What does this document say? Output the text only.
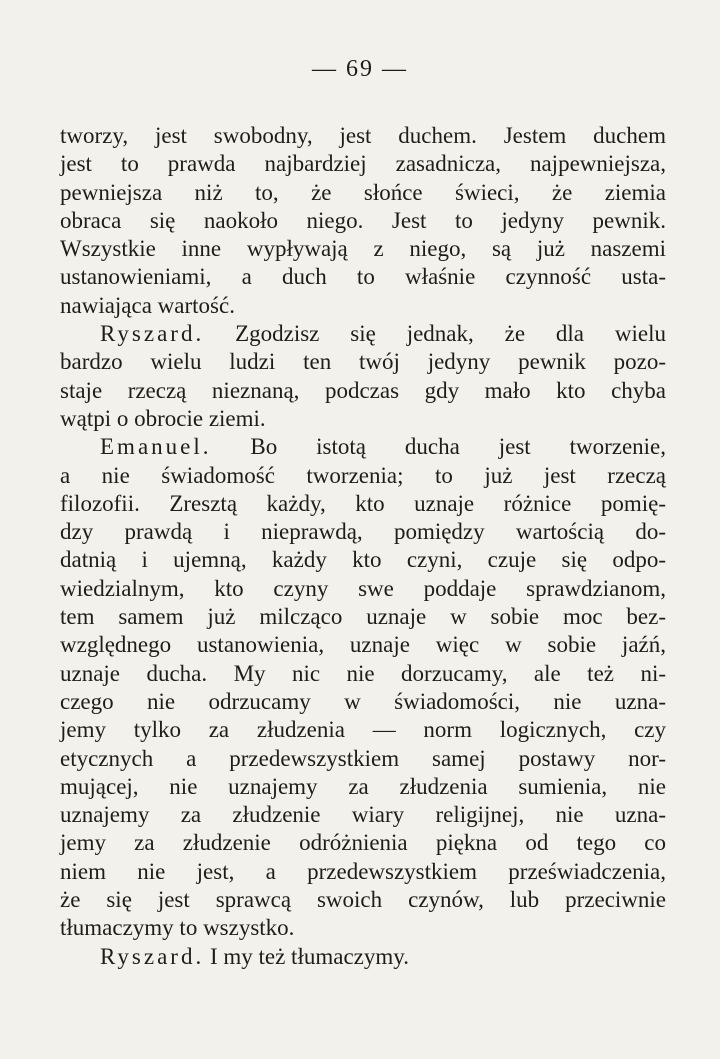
— 69 —
tworzy, jest swobodny, jest duchem. Jestem duchem
jest to prawda najbardziej zasadnicza, najpewniejsza,
pewniejsza niż to, że słońce świeci, że ziemia
obraca się naokoło niego. Jest to jedyny pewnik.
Wszystkie inne wypływają z niego, są już naszemi
ustanowieniami, a duch to właśnie czynność usta-
nawiająca wartość.
Ryszard. Zgodzisz się jednak, że dla wielu
bardzo wielu ludzi ten twój jedyny pewnik pozo-
staje rzeczą nieznaną, podczas gdy mało kto chyba
wątpi o obrocie ziemi.
Emanuel. Bo istotą ducha jest tworzenie,
a nie świadomość tworzenia; to już jest rzeczą
filozofii. Zresztą każdy, kto uznaje różnice pomię-
dzy prawdą i nieprawdą, pomiędzy wartością do-
datnią i ujemną, każdy kto czyni, czuje się odpo-
wiedzialnym, kto czyny swe poddaje sprawdzianom,
tem samem już milcząco uznaje w sobie moc bez-
względnego ustanowienia, uznaje więc w sobie jaźń,
uznaje ducha. My nic nie dorzucamy, ale też ni-
czego nie odrzucamy w świadomości, nie uzna-
jemy tylko za złudzenia — norm logicznych, czy
etycznych a przedewszystkiem samej postawy nor-
mującej, nie uznajemy za złudzenia sumienia, nie
uznajemy za złudzenie wiary religijnej, nie uzna-
jemy za złudzenie odróżnienia piękna od tego co
niem nie jest, a przedewszystkiem przeświadczenia,
że się jest sprawcą swoich czynów, lub przeciwnie
tłumaczymy to wszystko.
Ryszard. I my też tłumaczymy.
